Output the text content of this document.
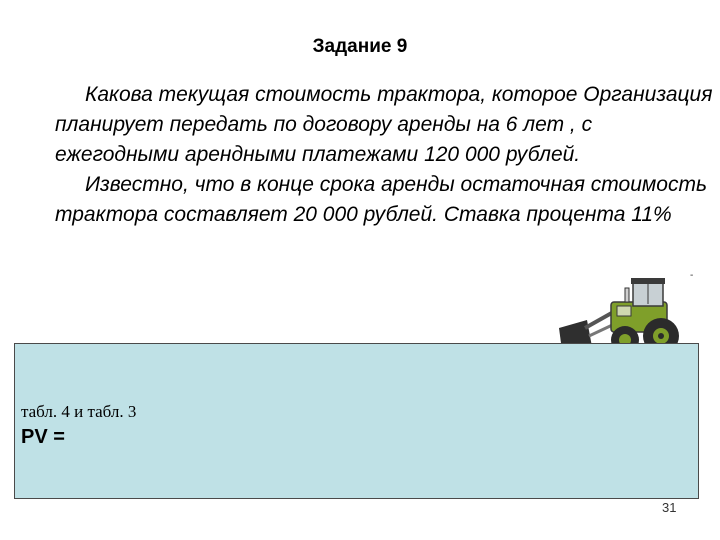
Задание 9

Какова текущая стоимость трактора, которое Организация планирует передать по договору аренды на 6 лет , с ежегодными арендными платежами 120 000 рублей.

Известно, что в конце срока аренды остаточная стоимость трактора составляет 20 000 рублей. Ставка процента 11%

-
табл. 4 и табл. 3
PV =
31
